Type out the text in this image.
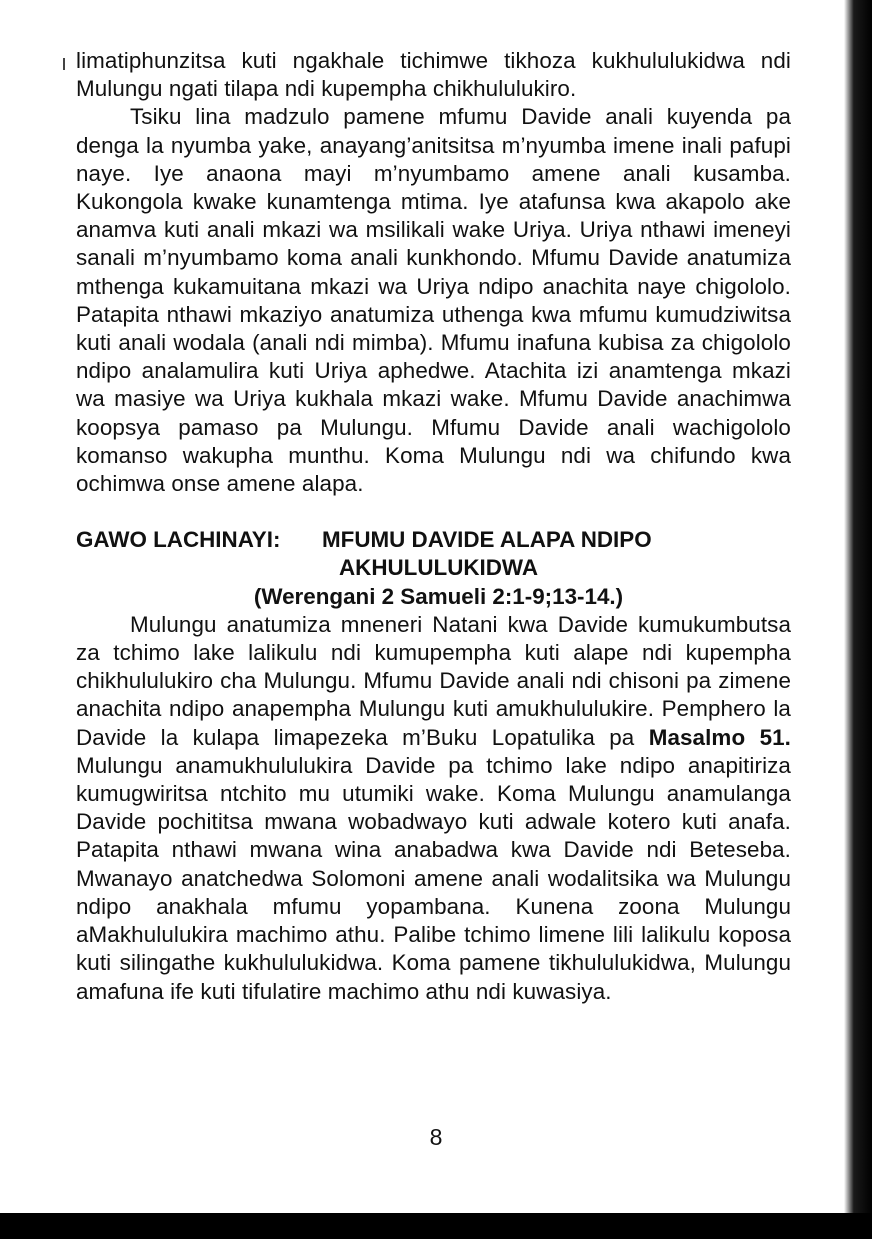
limatiphunzitsa kuti ngakhale tichimwe tikhoza kukhululukidwa ndi Mulungu ngati tilapa ndi kupempha chikhululukiro.

Tsiku lina madzulo pamene mfumu Davide anali kuyenda pa denga la nyumba yake, anayang’anitsitsa m’nyumba imene inali pafupi naye. Iye anaona mayi m’nyumbamo amene anali kusamba. Kukongola kwake kunamtenga mtima. Iye atafunsa kwa akapolo ake anamva kuti anali mkazi wa msilikali wake Uriya. Uriya nthawi imeneyi sanali m’nyumbamo koma anali kunkhondo. Mfumu Davide anatumiza mthenga kukamuitana mkazi wa Uriya ndipo anachita naye chigololo. Patapita nthawi mkaziyo anatumiza uthenga kwa mfumu kumudziwitsa kuti anali wodala (anali ndi mimba). Mfumu inafuna kubisa za chigololo ndipo analamulira kuti Uriya aphedwe. Atachita izi anamtenga mkazi wa masiye wa Uriya kukhala mkazi wake. Mfumu Davide anachimwa koopsya pamaso pa Mulungu. Mfumu Davide anali wachigololo komanso wakupha munthu. Koma Mulungu ndi wa chifundo kwa ochimwa onse amene alapa.

GAWO LACHINAYI:	MFUMU DAVIDE ALAPA NDIPO
AKHULULUKIDWA

(Werengani 2 Samueli 2:1-9;13-14.)

Mulungu anatumiza mneneri Natani kwa Davide kumukumbutsa za tchimo lake lalikulu ndi kumupempha kuti alape ndi kupempha chikhululukiro cha Mulungu. Mfumu Davide anali ndi chisoni pa zimene anachita ndipo anapempha Mulungu kuti amukhululukire. Pemphero la Davide la kulapa limapezeka m’Buku Lopatulika pa Masalmo 51. Mulungu anamukhululukira Davide pa tchimo lake ndipo anapitiriza kumugwiritsa ntchito mu utumiki wake. Koma Mulungu anamulanga Davide pochititsa mwana wobadwayo kuti adwale kotero kuti anafa. Patapita nthawi mwana wina anabadwa kwa Davide ndi Beteseba. Mwanayo anatchedwa Solomoni amene anali wodalitsika wa Mulungu ndipo anakhala mfumu yopambana. Kunena zoona Mulungu aMakhululukira machimo athu. Palibe tchimo limene lili lalikulu koposa kuti silingathe kukhululukidwa. Koma pamene tikhululukidwa, Mulungu amafuna ife kuti tifulatire machimo athu ndi kuwasiya.

8
